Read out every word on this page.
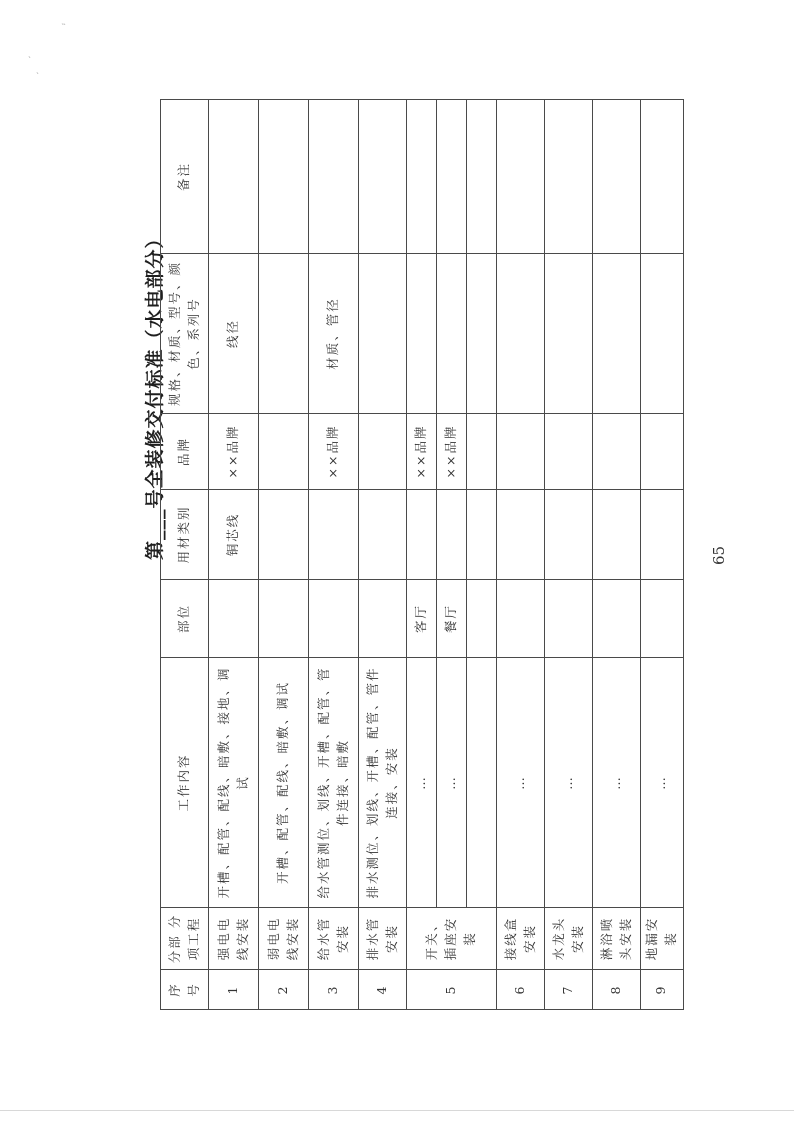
˵
ˏ
ˎ
第___号全装修交付标准（水电部分）
序 号	分部 分项工程	工作内容	部位	用材类别	品牌	规格、材质、型号、颜色、系列号	备注
1	强电电线安装	开槽、配管、配线、暗敷、接地、调试		铜芯线	××品牌	线径	
2	弱电电线安装	开槽、配管、配线、暗敷、调试					
3	给水管安装	给水管测位、划线、开槽、配管、管件连接、暗敷			××品牌	材质、管径	
4	排水管安装	排水测位、划线、开槽、配管、管件连接、安装					
5	开关、插座安装	…	客厅		××品牌		
		…	餐厅		××品牌		

6	接线盒安装	…					
7	水龙头安装	…					
8	淋浴喷头安装	…					
9	地漏安装	…					
65
